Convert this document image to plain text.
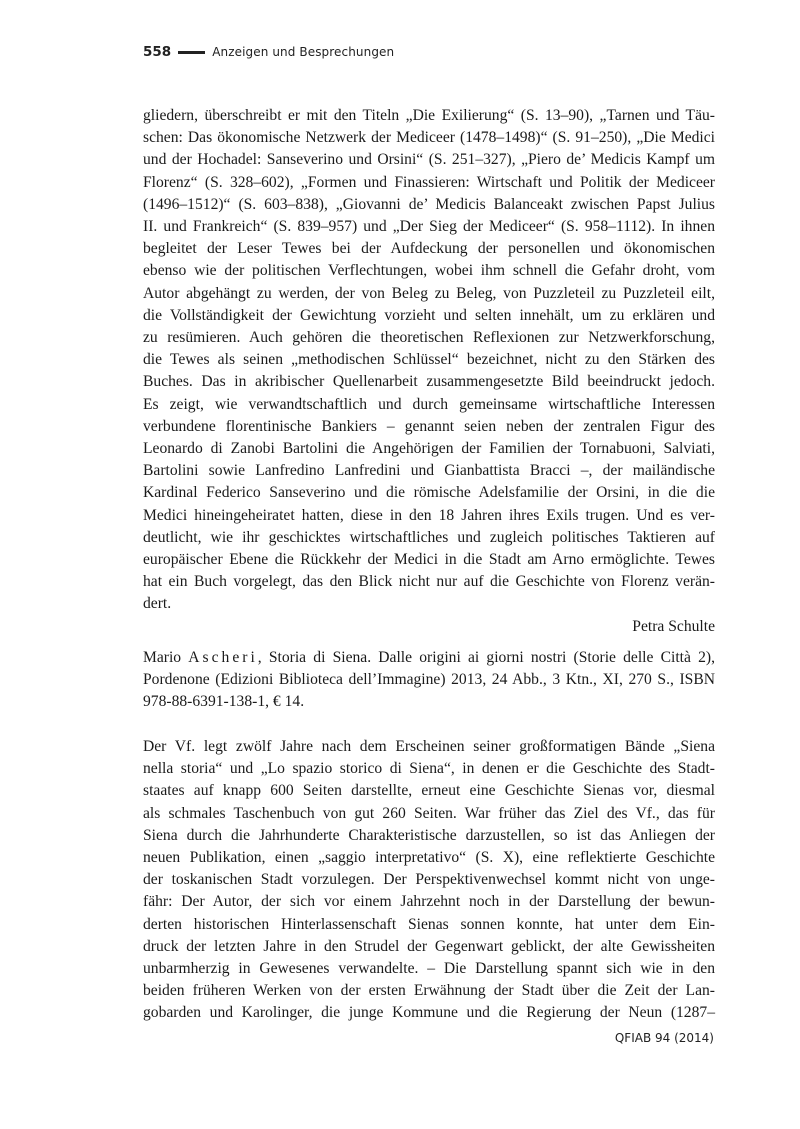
558	Anzeigen und Besprechungen
gliedern, überschreibt er mit den Titeln „Die Exilierung“ (S. 13–90), „Tarnen und Täu-
schen: Das ökonomische Netzwerk der Mediceer (1478–1498)“ (S. 91–250), „Die Medici
und der Hochadel: Sanseverino und Orsini“ (S. 251–327), „Piero de’ Medicis Kampf um
Florenz“ (S. 328–602), „Formen und Finassieren: Wirtschaft und Politik der Mediceer
(1496–1512)“ (S. 603–838), „Giovanni de’ Medicis Balanceakt zwischen Papst Julius
II. und Frankreich“ (S. 839–957) und „Der Sieg der Mediceer“ (S. 958–1112). In ihnen
begleitet der Leser Tewes bei der Aufdeckung der personellen und ökonomischen
ebenso wie der politischen Verflechtungen, wobei ihm schnell die Gefahr droht, vom
Autor abgehängt zu werden, der von Beleg zu Beleg, von Puzzleteil zu Puzzleteil eilt,
die Vollständigkeit der Gewichtung vorzieht und selten innehält, um zu erklären und
zu resümieren. Auch gehören die theoretischen Reflexionen zur Netzwerkforschung,
die Tewes als seinen „methodischen Schlüssel“ bezeichnet, nicht zu den Stärken des
Buches. Das in akribischer Quellenarbeit zusammengesetzte Bild beeindruckt jedoch.
Es zeigt, wie verwandtschaftlich und durch gemeinsame wirtschaftliche Interessen
verbundene florentinische Bankiers – genannt seien neben der zentralen Figur des
Leonardo di Zanobi Bartolini die Angehörigen der Familien der Tornabuoni, Salviati,
Bartolini sowie Lanfredino Lanfredini und Gianbattista Bracci –, der mailändische
Kardinal Federico Sanseverino und die römische Adelsfamilie der Orsini, in die die
Medici hineingeheiratet hatten, diese in den 18 Jahren ihres Exils trugen. Und es ver-
deutlicht, wie ihr geschicktes wirtschaftliches und zugleich politisches Taktieren auf
europäischer Ebene die Rückkehr der Medici in die Stadt am Arno ermöglichte. Tewes
hat ein Buch vorgelegt, das den Blick nicht nur auf die Geschichte von Florenz verän-
dert.
Petra Schulte
Mario Ascheri, Storia di Siena. Dalle origini ai giorni nostri (Storie delle Città 2),
Pordenone (Edizioni Biblioteca dell’Immagine) 2013, 24 Abb., 3 Ktn., XI, 270 S., ISBN
978-88-6391-138-1, € 14.
Der Vf. legt zwölf Jahre nach dem Erscheinen seiner großformatigen Bände „Siena
nella storia“ und „Lo spazio storico di Siena“, in denen er die Geschichte des Stadt-
staates auf knapp 600 Seiten darstellte, erneut eine Geschichte Sienas vor, diesmal
als schmales Taschenbuch von gut 260 Seiten. War früher das Ziel des Vf., das für
Siena durch die Jahrhunderte Charakteristische darzustellen, so ist das Anliegen der
neuen Publikation, einen „saggio interpretativo“ (S. X), eine reflektierte Geschichte
der toskanischen Stadt vorzulegen. Der Perspektivenwechsel kommt nicht von unge-
fähr: Der Autor, der sich vor einem Jahrzehnt noch in der Darstellung der bewun-
derten historischen Hinterlassenschaft Sienas sonnen konnte, hat unter dem Ein-
druck der letzten Jahre in den Strudel der Gegenwart geblickt, der alte Gewissheiten
unbarmherzig in Gewesenes verwandelte. – Die Darstellung spannt sich wie in den
beiden früheren Werken von der ersten Erwähnung der Stadt über die Zeit der Lan-
gobarden und Karolinger, die junge Kommune und die Regierung der Neun (1287–
QFIAB 94 (2014)
